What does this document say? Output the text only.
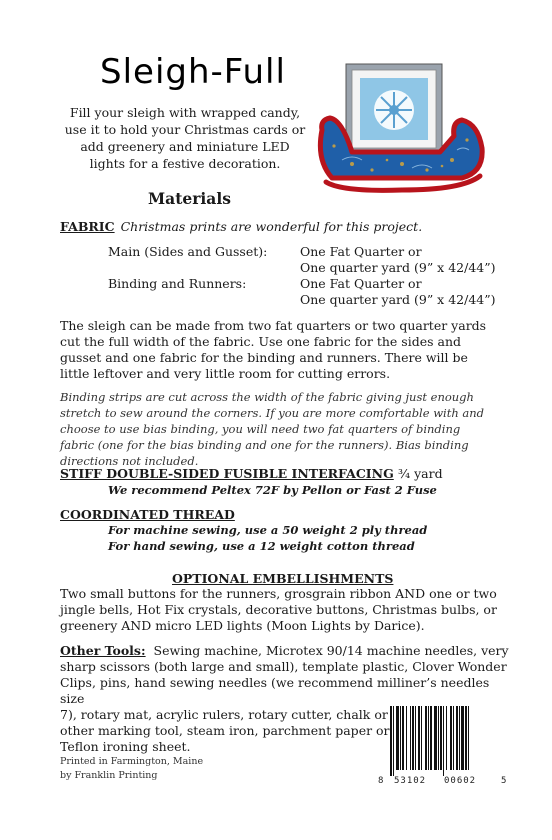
Sleigh-Full
Fill your sleigh with wrapped candy, use it to hold your Christmas cards or add greenery and miniature LED lights for a festive decoration.
Materials
FABRIC Christmas prints are wonderful for this project.
Main (Sides and Gusset):	One Fat Quarter or
One quarter yard (9” x 42/44”)
Binding and Runners:	One Fat Quarter or
One quarter yard (9” x 42/44”)
The sleigh can be made from two fat quarters or two quarter yards cut the full width of the fabric. Use one fabric for the sides and gusset and one fabric for the binding and runners. There will be little leftover and very little room for cutting errors.
Binding strips are cut across the width of the fabric giving just enough stretch to sew around the corners. If you are more comfortable with and choose to use bias binding, you will need two fat quarters of binding fabric (one for the bias binding and one for the runners). Bias binding directions not included.
STIFF DOUBLE-SIDED FUSIBLE INTERFACING ¾ yard
We recommend Peltex 72F by Pellon or Fast 2 Fuse
COORDINATED THREAD
For machine sewing, use a 50 weight 2 ply thread
For hand sewing, use a 12 weight cotton thread
OPTIONAL EMBELLISHMENTS
Two small buttons for the runners, grosgrain ribbon AND one or two jingle bells, Hot Fix crystals, decorative buttons, Christmas bulbs, or greenery AND micro LED lights (Moon Lights by Darice).
Other Tools: Sewing machine, Microtex 90/14 machine needles, very
sharp scissors (both large and small), template plastic, Clover Wonder
Clips, pins, hand sewing needles (we recommend milliner’s needles size
7), rotary mat, acrylic rulers, rotary cutter, chalk or
other marking tool, steam iron, parchment paper or
Teflon ironing sheet.
Printed in Farmington, Maine
by Franklin Printing	8 53102 00602	5
